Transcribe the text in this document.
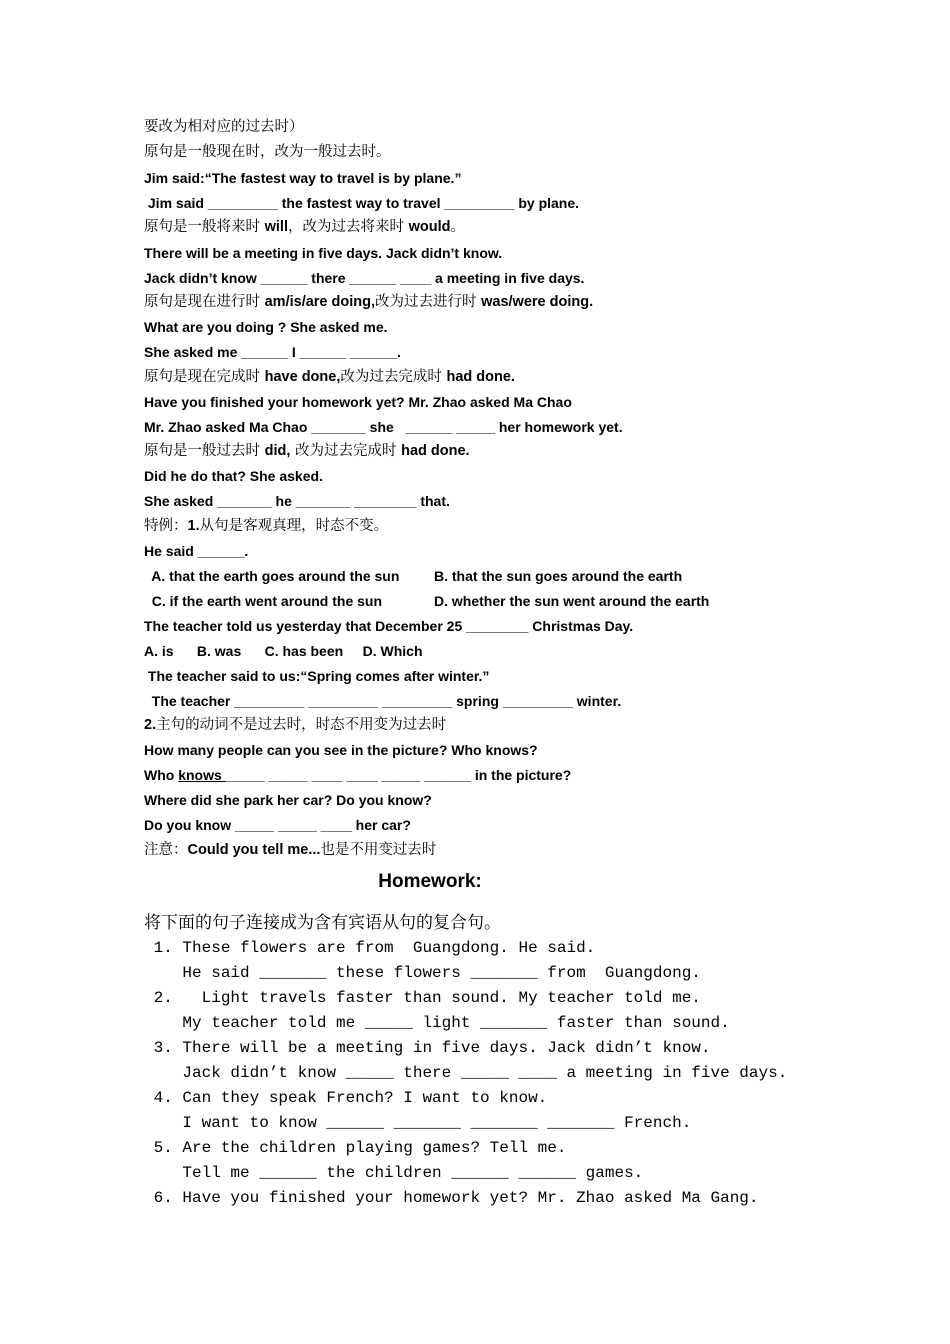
要改为相对应的过去时）
原句是一般现在时，改为一般过去时。
Jim said:“The fastest way to travel is by plane.”
Jim said _________ the fastest way to travel _________ by plane.
原句是一般将来时 will，改为过去将来时 would。
There will be a meeting in five days. Jack didn’t know.
Jack didn’t know ______ there ______ ____ a meeting in five days.
原句是现在进行时 am/is/are doing,改为过去进行时 was/were doing.
What are you doing ? She asked me.
She asked me ______ I ______ ______.
原句是现在完成时 have done,改为过去完成时 had done.
Have you finished your homework yet? Mr. Zhao asked Ma Chao
Mr. Zhao asked Ma Chao _______ she   ______ _____ her homework yet.
原句是一般过去时 did, 改为过去完成时 had done.
Did he do that? She asked.
She asked _______ he _______ ________ that.
特例：1.从句是客观真理，时态不变。
He said ______.
A. that the earth goes around the sun B. that the sun goes around the earth
C. if the earth went around the sun	D. whether the sun went around the earth
The teacher told us yesterday that December 25 ________ Christmas Day.
A. is      B. was      C. has been     D. Which
The teacher said to us:“Spring comes after winter.”
The teacher _________ _________ _________ spring _________ winter.
2.主句的动词不是过去时，时态不用变为过去时
How many people can you see in the picture? Who knows?
Who knows _____ _____ ____ ____ _____ ______ in the picture?
Where did she park her car? Do you know?
Do you know _____ _____ ____ her car?
注意：Could you tell me...也是不用变过去时
Homework:
将下面的句子连接成为含有宾语从句的复合句。
1. These flowers are from  Guangdong. He said.
He said _______ these flowers _______ from  Guangdong.
2.   Light travels faster than sound. My teacher told me.
My teacher told me _____ light _______ faster than sound.
3. There will be a meeting in five days. Jack didn’t know.
Jack didn’t know _____ there _____ ____ a meeting in five days.
4. Can they speak French? I want to know.
I want to know ______ _______ _______ _______ French.
5. Are the children playing games? Tell me.
Tell me ______ the children ______ ______ games.
6. Have you finished your homework yet? Mr. Zhao asked Ma Gang.
